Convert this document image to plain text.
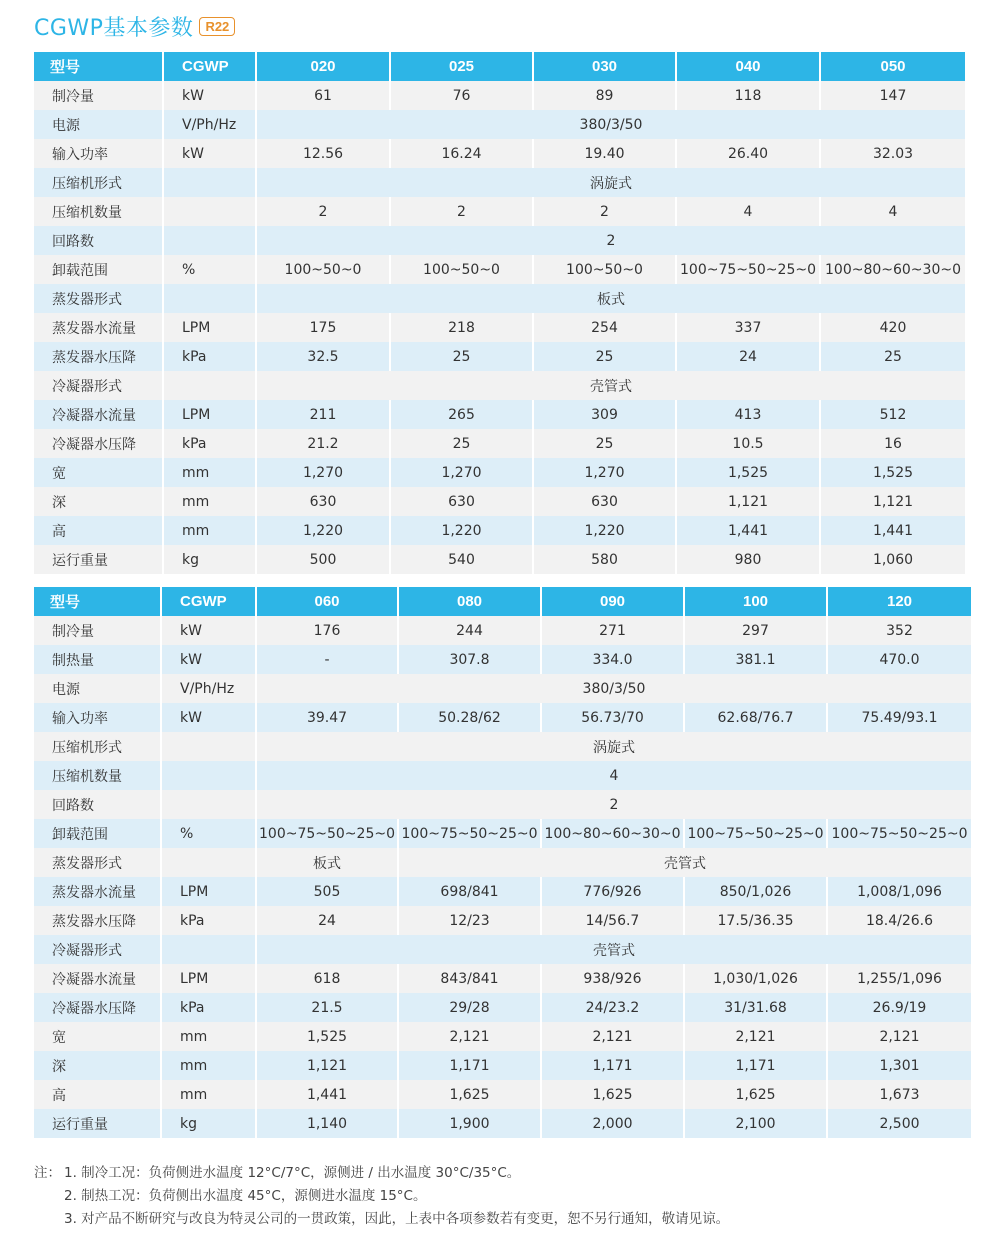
CGWP基本参数 R22
型号	CGWP	020	025	030	040	050
制冷量	kW	61	76	89	118	147
电源	V/Ph/Hz	380/3/50				
输入功率	kW	12.56	16.24	19.40	26.40	32.03
压缩机形式		涡旋式				
压缩机数量		2	2	2	4	4
回路数		2				
卸载范围	%	100~50~0	100~50~0	100~50~0	100~75~50~25~0	100~80~60~30~0
蒸发器形式		板式				
蒸发器水流量	LPM	175	218	254	337	420
蒸发器水压降	kPa	32.5	25	25	24	25
冷凝器形式		壳管式				
冷凝器水流量	LPM	211	265	309	413	512
冷凝器水压降	kPa	21.2	25	25	10.5	16
宽	mm	1,270	1,270	1,270	1,525	1,525
深	mm	630	630	630	1,121	1,121
高	mm	1,220	1,220	1,220	1,441	1,441
运行重量	kg	500	540	580	980	1,060
型号	CGWP	060	080	090	100	120
制冷量	kW	176	244	271	297	352
制热量	kW	-	307.8	334.0	381.1	470.0
电源	V/Ph/Hz	380/3/50				
输入功率	kW	39.47	50.28/62	56.73/70	62.68/76.7	75.49/93.1
压缩机形式		涡旋式				
压缩机数量		4				
回路数		2				
卸载范围	%	100~75~50~25~0	100~75~50~25~0	100~80~60~30~0	100~75~50~25~0	100~75~50~25~0
蒸发器形式		板式	壳管式			
蒸发器水流量	LPM	505	698/841	776/926	850/1,026	1,008/1,096
蒸发器水压降	kPa	24	12/23	14/56.7	17.5/36.35	18.4/26.6
冷凝器形式		壳管式				
冷凝器水流量	LPM	618	843/841	938/926	1,030/1,026	1,255/1,096
冷凝器水压降	kPa	21.5	29/28	24/23.2	31/31.68	26.9/19
宽	mm	1,525	2,121	2,121	2,121	2,121
深	mm	1,121	1,171	1,171	1,171	1,301
高	mm	1,441	1,625	1,625	1,625	1,673
运行重量	kg	1,140	1,900	2,000	2,100	2,500
注： 1. 制冷工况：负荷侧进水温度 12°C/7°C，源侧进 / 出水温度 30°C/35°C。
2. 制热工况：负荷侧出水温度 45°C，源侧进水温度 15°C。
3. 对产品不断研究与改良为特灵公司的一贯政策，因此，上表中各项参数若有变更，恕不另行通知，敬请见谅。
